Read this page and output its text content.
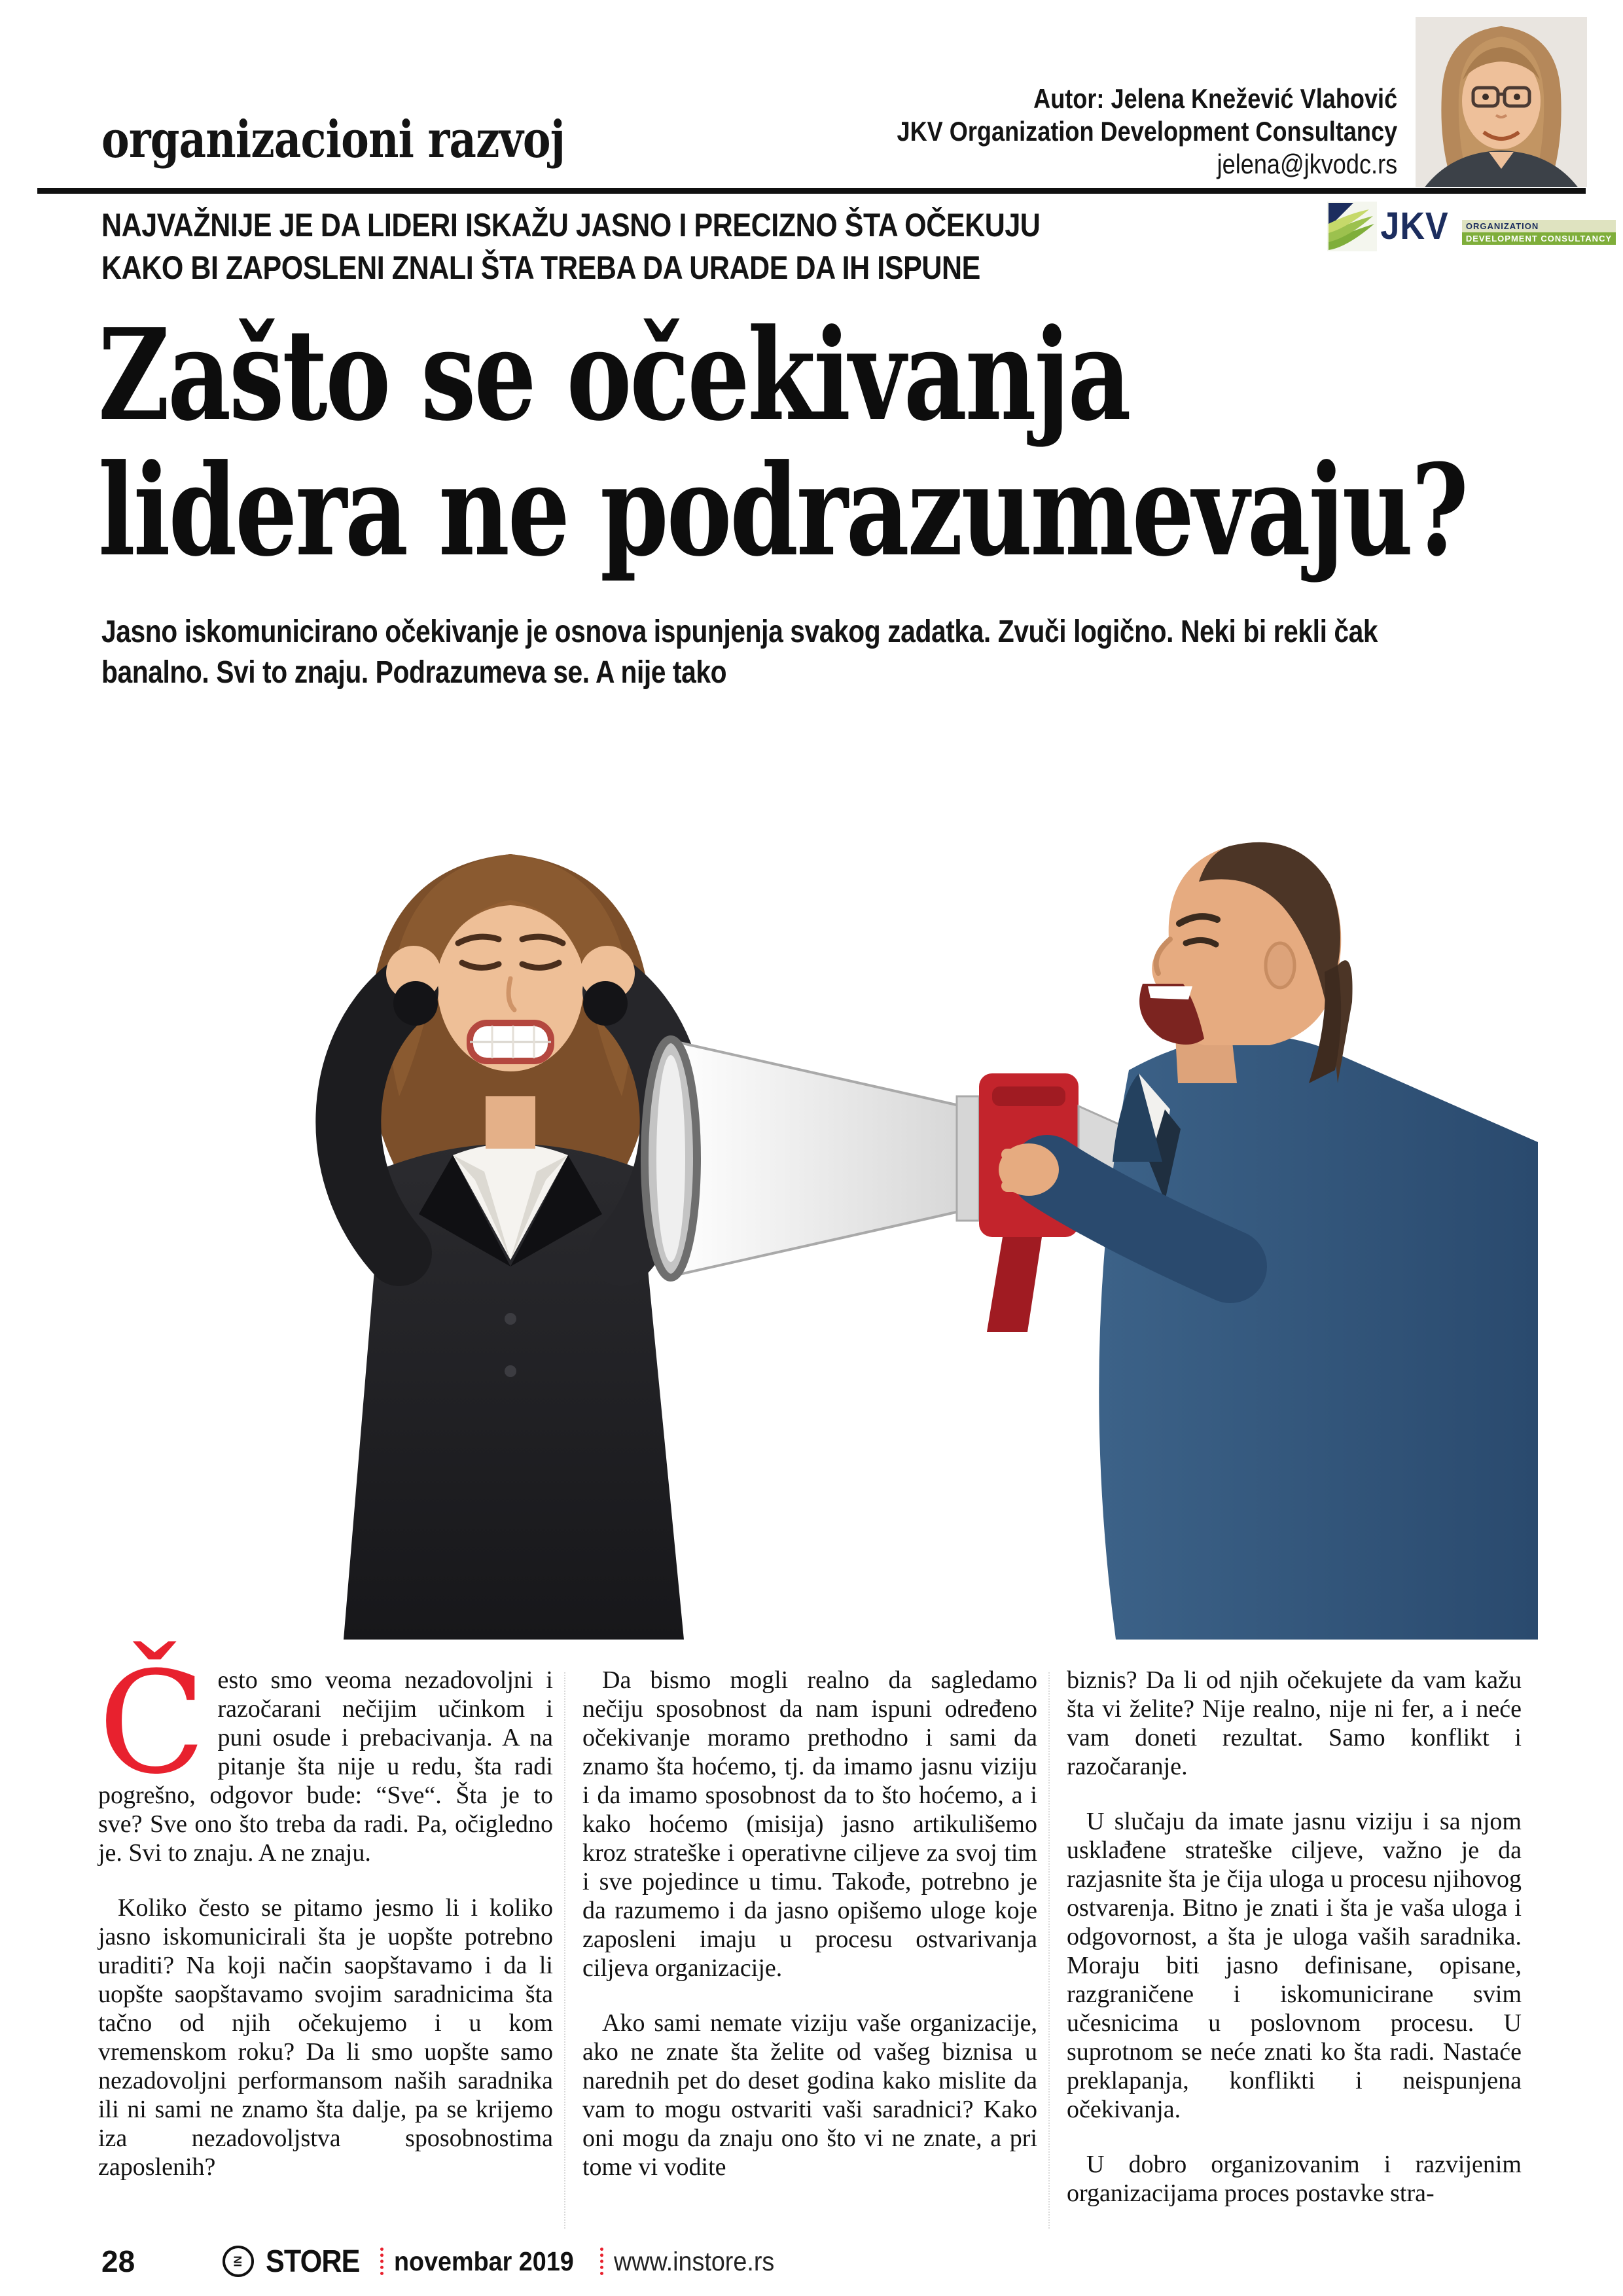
organizacioni razvoj
Autor: Jelena Knežević Vlahović
JKV Organization Development Consultancy
jelena@jkvodc.rs
NAJVAŽNIJE JE DA LIDERI ISKAŽU JASNO I PRECIZNO ŠTA OČEKUJU
KAKO BI ZAPOSLENI ZNALI ŠTA TREBA DA URADE DA IH ISPUNE
JKV	ORGANIZATION
DEVELOPMENT CONSULTANCY
Zašto se očekivanja
lidera ne podrazumevaju?
Jasno iskomunicirano očekivanje je osnova ispunjenja svakog zadatka. Zvuči logično. Neki bi rekli čak
banalno. Svi to znaju. Podrazumeva se. A nije tako

Često smo veoma nezadovoljni i razočarani nečijim učinkom i puni osude i prebacivanja. A na pitanje šta nije u redu, šta radi pogrešno, odgovor bude: “Sve“. Šta je to sve? Sve ono što treba da radi. Pa, očigledno je. Svi to znaju. A ne znaju.

Koliko često se pitamo jesmo li i koliko jasno iskomunicirali šta je uopšte potrebno uraditi? Na koji način saopštavamo i da li uopšte saopštavamo svojim saradnicima šta tačno od njih očekujemo i u kom vremenskom roku? Da li smo uopšte samo nezadovoljni performansom naših saradnika ili ni sami ne znamo šta dalje, pa se krijemo iza nezadovoljstva sposobnostima zaposlenih?

Da bismo mogli realno da sagledamo nečiju sposobnost da nam ispuni određeno očekivanje moramo prethodno i sami da znamo šta hoćemo, tj. da imamo jasnu viziju i da imamo sposobnost da to što hoćemo, a i kako hoćemo (misija) jasno artikulišemo kroz strateške i operativne ciljeve za svoj tim i sve pojedince u timu. Takođe, potrebno je da razumemo i da jasno opišemo uloge koje zaposleni imaju u procesu ostvarivanja ciljeva organizacije.

Ako sami nemate viziju vaše organizacije, ako ne znate šta želite od vašeg biznisa u narednih pet do deset godina kako mislite da vam to mogu ostvariti vaši saradnici? Kako oni mogu da znaju ono što vi ne znate, a pri tome vi vodite

biznis? Da li od njih očekujete da vam kažu šta vi želite? Nije realno, nije ni fer, a i neće vam doneti rezultat. Samo konflikt i razočaranje.

U slučaju da imate jasnu viziju i sa njom usklađene strateške ciljeve, važno je da razjasnite šta je čija uloga u procesu njihovog ostvarenja. Bitno je znati i šta je vaša uloga i odgovornost, a šta je uloga vaših saradnika. Moraju biti jasno definisane, opisane, razgraničene i iskomunicirane svim učesnicima u poslovnom procesu. U suprotnom se neće znati ko šta radi. Nastaće preklapanja, konflikti i neispunjena očekivanja.

U dobro organizovanim i razvijenim organizacijama proces postavke stra-

28	IN STORE novembar 2019 www.instore.rs
